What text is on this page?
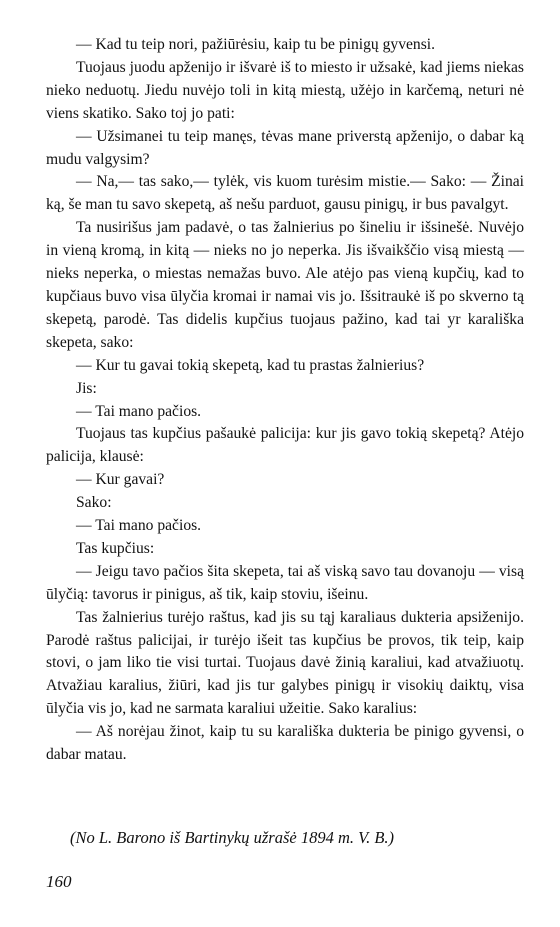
— Kad tu teip nori, pažiūrėsiu, kaip tu be pinigų gyvensi.

Tuojaus juodu apženijo ir išvarė iš to miesto ir užsakė, kad jiems niekas nieko neduotų. Jiedu nuvėjo toli in kitą miestą, užėjo in karčemą, neturi nė viens skatiko. Sako toj jo pati:

— Užsimanei tu teip manęs, tėvas mane priverstą apženijo, o dabar ką mudu valgysim?

— Na,— tas sako,— tylėk, vis kuom turėsim mistie.— Sako: — Žinai ką, še man tu savo skepetą, aš nešu parduot, gausu pinigų, ir bus pavalgyt.

Ta nusirišus jam padavė, o tas žalnierius po šineliu ir išsinešė. Nuvėjo in vieną kromą, in kitą — nieks no jo neperka. Jis išvaikščio visą miestą — nieks neperka, o miestas nemažas buvo. Ale atėjo pas vieną kupčių, kad to kupčiaus buvo visa ūlyčia kromai ir namai vis jo. Išsitraukė iš po skverno tą skepetą, parodė. Tas didelis kupčius tuojaus pažino, kad tai yr karališka skepeta, sako:

— Kur tu gavai tokią skepetą, kad tu prastas žalnierius?

Jis:

— Tai mano pačios.

Tuojaus tas kupčius pašaukė palicija: kur jis gavo tokią skepetą? Atėjo palicija, klausė:

— Kur gavai?

Sako:

— Tai mano pačios.

Tas kupčius:

— Jeigu tavo pačios šita skepeta, tai aš viską savo tau dovanoju — visą ūlyčią: tavorus ir pinigus, aš tik, kaip stoviu, išeinu.

Tas žalnierius turėjo raštus, kad jis su tąj karaliaus dukteria apsiženijo. Parodė raštus palicijai, ir turėjo išeit tas kupčius be provos, tik teip, kaip stovi, o jam liko tie visi turtai. Tuojaus davė žinią karaliui, kad atvažiuotų. Atvažiau karalius, žiūri, kad jis tur galybes pinigų ir visokių daiktų, visa ūlyčia vis jo, kad ne sarmata karaliui užeitie. Sako karalius:

— Aš norėjau žinot, kaip tu su karališka dukteria be pinigo gyvensi, o dabar matau.

(No L. Barono iš Bartinykų užrašė 1894 m. V. B.)
160
